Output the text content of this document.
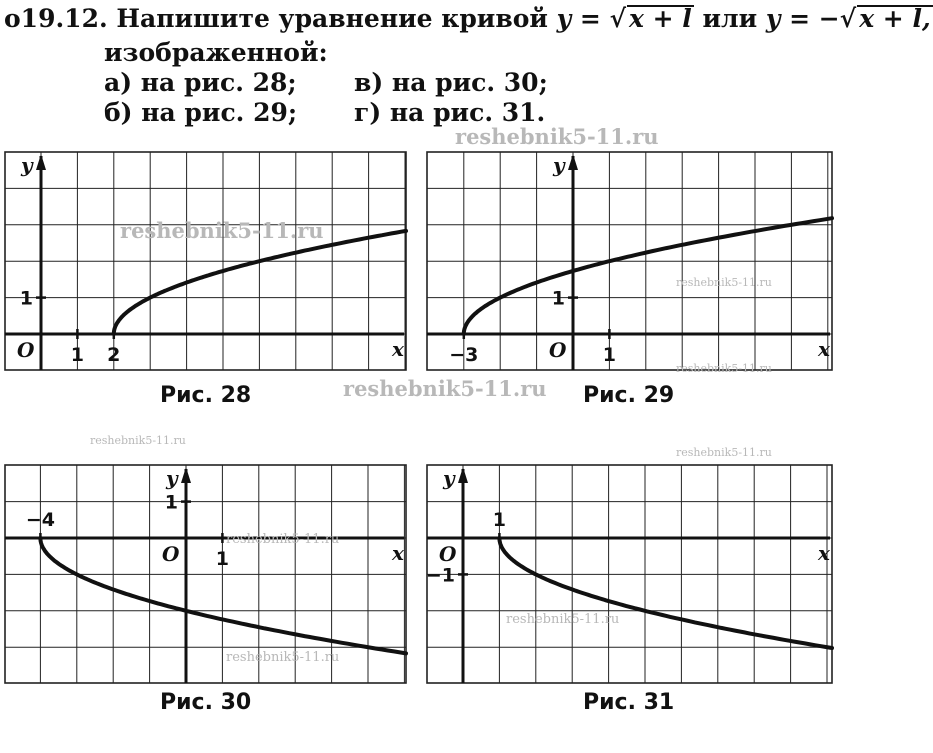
o19.12. Напишите уравнение кривой y = √ x + l или y = −√ x + l,
изображенной:
а) на рис. 28;
б) на рис. 29;
в) на рис. 30;
г) на рис. 31.
x
y
O 1 2
1
x
y
O
−3	1
1
x
y
O
−4
1
1
x
y
O
1
−1
Рис. 28	Рис. 29
Рис. 30	Рис. 31
reshebnik5-11.ru
reshebnik5-11.ru
reshebnik5-11.ru
reshebnik5-11.ru
reshebnik5-11.ru
reshebnik5-11.ru
reshebnik5-11.ru
reshebnik5-11.ru
reshebnik5-11.ru
reshebnik5-11.ru
